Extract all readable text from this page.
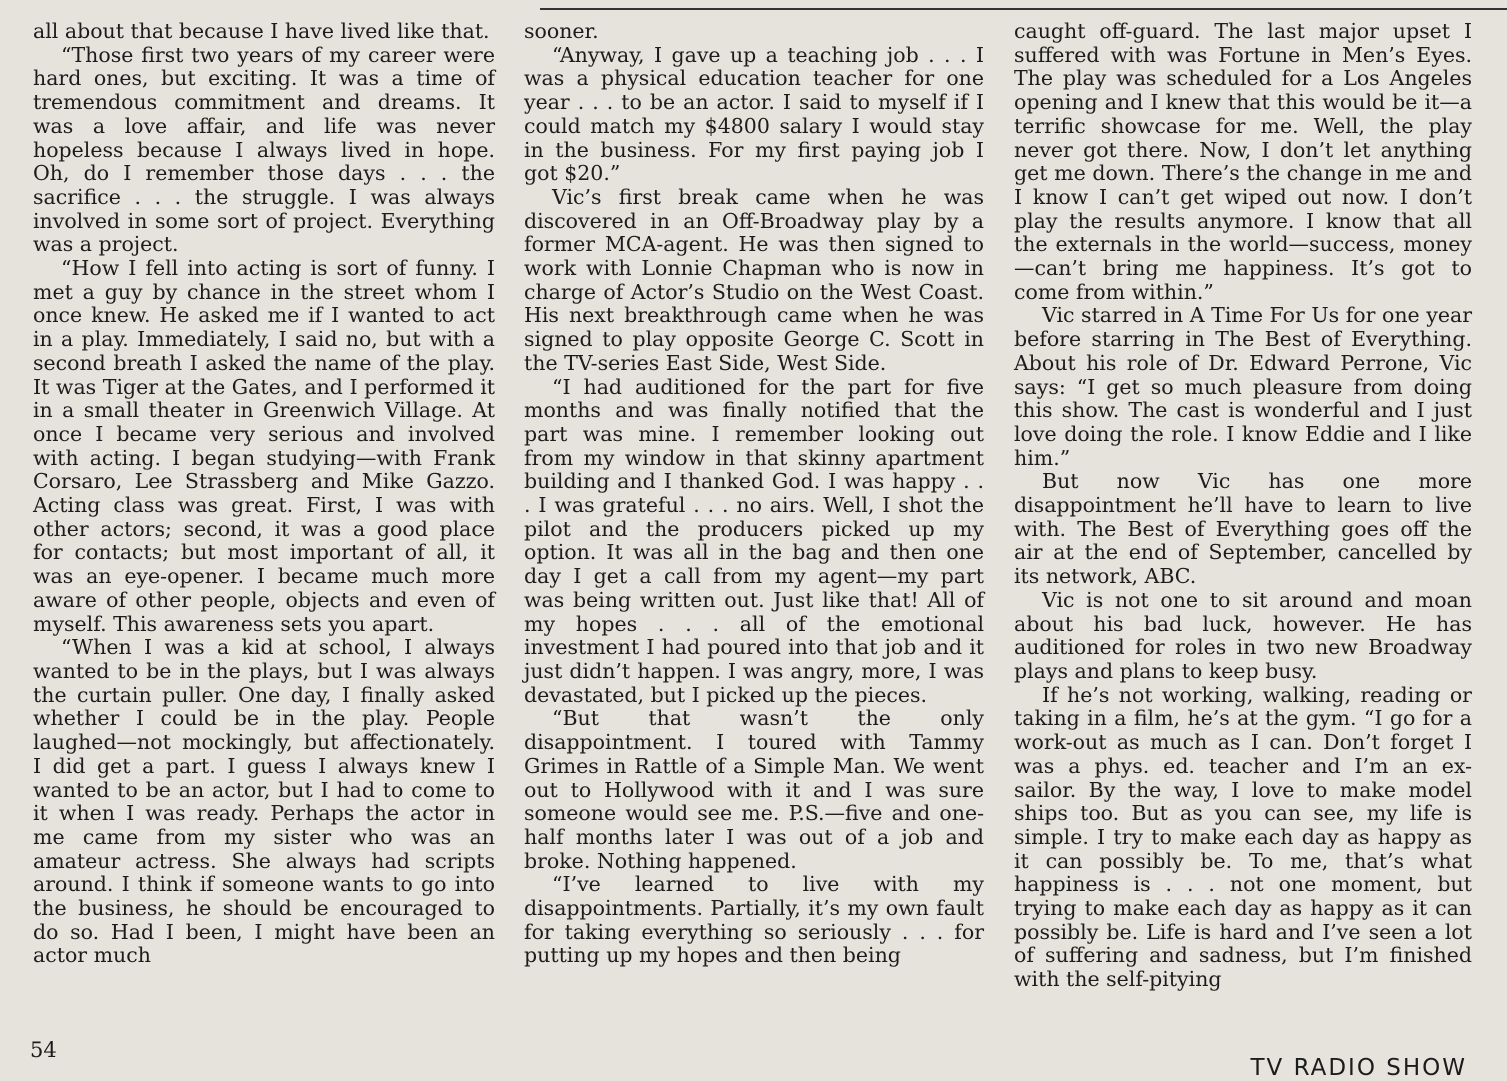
all about that because I have lived like that.

“Those first two years of my career were hard ones, but exciting. It was a time of tremendous commitment and dreams. It was a love affair, and life was never hopeless because I always lived in hope. Oh, do I remember those days . . . the sacrifice . . . the struggle. I was always involved in some sort of project. Everything was a project.

“How I fell into acting is sort of funny. I met a guy by chance in the street whom I once knew. He asked me if I wanted to act in a play. Immediately, I said no, but with a second breath I asked the name of the play. It was Tiger at the Gates, and I performed it in a small theater in Greenwich Village. At once I became very serious and involved with acting. I began studying—with Frank Corsaro, Lee Strassberg and Mike Gazzo. Acting class was great. First, I was with other actors; second, it was a good place for contacts; but most important of all, it was an eye-opener. I became much more aware of other people, objects and even of myself. This awareness sets you apart.

“When I was a kid at school, I always wanted to be in the plays, but I was always the curtain puller. One day, I finally asked whether I could be in the play. People laughed—not mockingly, but affectionately. I did get a part. I guess I always knew I wanted to be an actor, but I had to come to it when I was ready. Perhaps the actor in me came from my sister who was an amateur actress. She always had scripts around. I think if someone wants to go into the business, he should be encouraged to do so. Had I been, I might have been an actor much

sooner.

“Anyway, I gave up a teaching job . . . I was a physical education teacher for one year . . . to be an actor. I said to myself if I could match my $4800 salary I would stay in the business. For my first paying job I got $20.”

Vic’s first break came when he was discovered in an Off-Broadway play by a former MCA-agent. He was then signed to work with Lonnie Chapman who is now in charge of Actor’s Studio on the West Coast. His next breakthrough came when he was signed to play opposite George C. Scott in the TV-series East Side, West Side.

“I had auditioned for the part for five months and was finally notified that the part was mine. I remember looking out from my window in that skinny apartment building and I thanked God. I was happy . . . I was grateful . . . no airs. Well, I shot the pilot and the producers picked up my option. It was all in the bag and then one day I get a call from my agent—my part was being written out. Just like that! All of my hopes . . . all of the emotional investment I had poured into that job and it just didn’t happen. I was angry, more, I was devastated, but I picked up the pieces.

“But that wasn’t the only disappointment. I toured with Tammy Grimes in Rattle of a Simple Man. We went out to Hollywood with it and I was sure someone would see me. P.S.—five and one-half months later I was out of a job and broke. Nothing happened.

“I’ve learned to live with my disappointments. Partially, it’s my own fault for taking everything so seriously . . . for putting up my hopes and then being

caught off-guard. The last major upset I suffered with was Fortune in Men’s Eyes. The play was scheduled for a Los Angeles opening and I knew that this would be it—a terrific showcase for me. Well, the play never got there. Now, I don’t let anything get me down. There’s the change in me and I know I can’t get wiped out now. I don’t play the results anymore. I know that all the externals in the world—success, money—can’t bring me happiness. It’s got to come from within.”

Vic starred in A Time For Us for one year before starring in The Best of Everything. About his role of Dr. Edward Perrone, Vic says: “I get so much pleasure from doing this show. The cast is wonderful and I just love doing the role. I know Eddie and I like him.”

But now Vic has one more disappointment he’ll have to learn to live with. The Best of Everything goes off the air at the end of September, cancelled by its network, ABC.

Vic is not one to sit around and moan about his bad luck, however. He has auditioned for roles in two new Broadway plays and plans to keep busy.

If he’s not working, walking, reading or taking in a film, he’s at the gym. “I go for a work-out as much as I can. Don’t forget I was a phys. ed. teacher and I’m an ex-sailor. By the way, I love to make model ships too. But as you can see, my life is simple. I try to make each day as happy as it can possibly be. To me, that’s what happiness is . . . not one moment, but trying to make each day as happy as it can possibly be. Life is hard and I’ve seen a lot of suffering and sadness, but I’m finished with the self-pitying

54
TV RADIO SHOW
